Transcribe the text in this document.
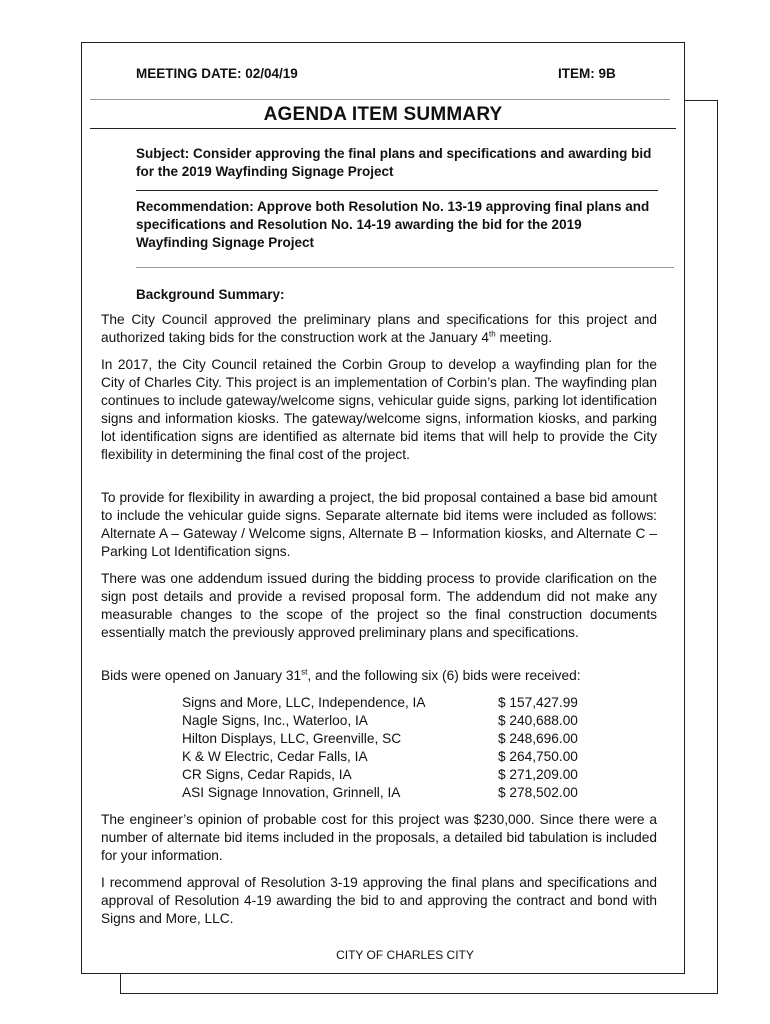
MEETING DATE: 02/04/19	ITEM: 9B
AGENDA ITEM SUMMARY
Subject: Consider approving the final plans and specifications and awarding bid for the 2019 Wayfinding Signage Project
Recommendation: Approve both Resolution No. 13-19 approving final plans and specifications and Resolution No. 14-19 awarding the bid for the 2019 Wayfinding Signage Project
Background Summary:

The City Council approved the preliminary plans and specifications for this project and authorized taking bids for the construction work at the January 4th meeting.

In 2017, the City Council retained the Corbin Group to develop a wayfinding plan for the City of Charles City. This project is an implementation of Corbin’s plan. The wayfinding plan continues to include gateway/welcome signs, vehicular guide signs, parking lot identification signs and information kiosks. The gateway/welcome signs, information kiosks, and parking lot identification signs are identified as alternate bid items that will help to provide the City flexibility in determining the final cost of the project.

To provide for flexibility in awarding a project, the bid proposal contained a base bid amount to include the vehicular guide signs. Separate alternate bid items were included as follows: Alternate A – Gateway / Welcome signs, Alternate B – Information kiosks, and Alternate C – Parking Lot Identification signs.

There was one addendum issued during the bidding process to provide clarification on the sign post details and provide a revised proposal form. The addendum did not make any measurable changes to the scope of the project so the final construction documents essentially match the previously approved preliminary plans and specifications.

Bids were opened on January 31st, and the following six (6) bids were received:

Signs and More, LLC, Independence, IA	$ 157,427.99
Nagle Signs, Inc., Waterloo, IA	$ 240,688.00
Hilton Displays, LLC, Greenville, SC	$ 248,696.00
K & W Electric, Cedar Falls, IA	$ 264,750.00
CR Signs, Cedar Rapids, IA	$ 271,209.00
ASI Signage Innovation, Grinnell, IA	$ 278,502.00

The engineer’s opinion of probable cost for this project was $230,000. Since there were a number of alternate bid items included in the proposals, a detailed bid tabulation is included for your information.

I recommend approval of Resolution 3-19 approving the final plans and specifications and approval of Resolution 4-19 awarding the bid to and approving the contract and bond with Signs and More, LLC.

CITY OF CHARLES CITY
